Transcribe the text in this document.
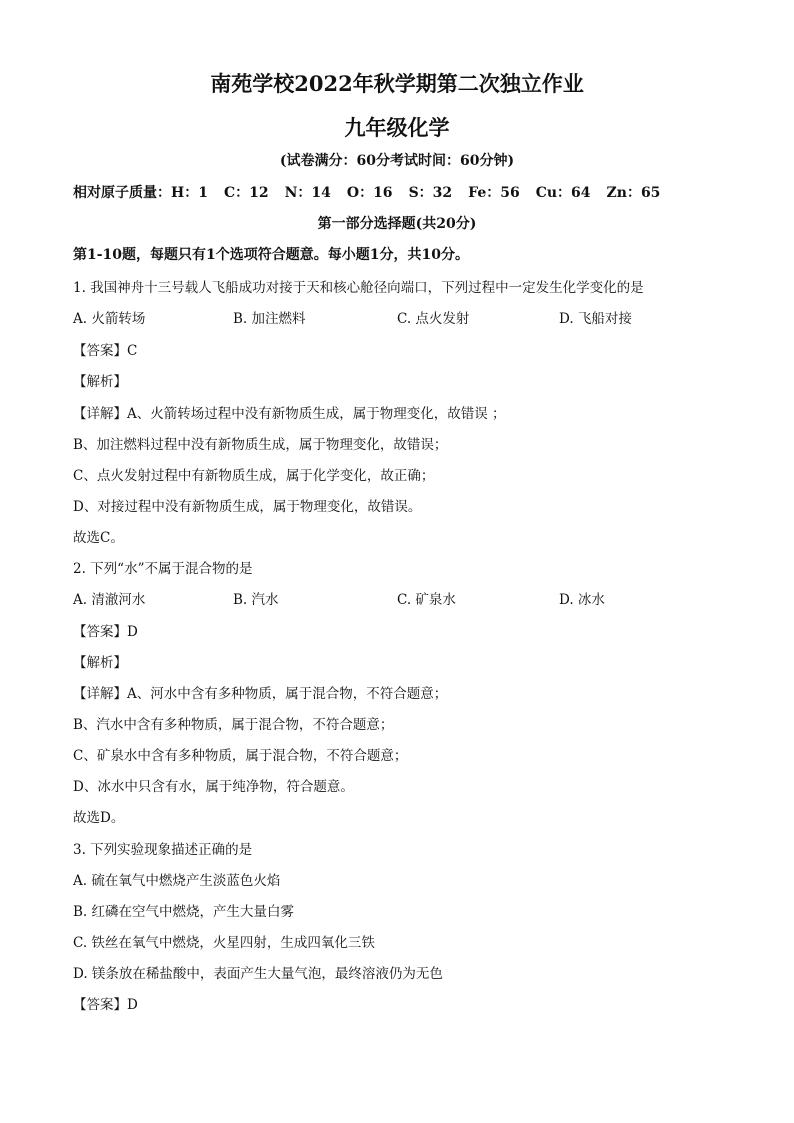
南苑学校2022年秋学期第二次独立作业
九年级化学
(试卷满分：60分考试时间：60分钟)
相对原子质量：H：1 C：12 N：14 O：16 S：32 Fe：56 Cu：64 Zn：65
第一部分选择题(共20分)
第1-10题，每题只有1个选项符合题意。每小题1分，共10分。
1. 我国神舟十三号载人飞船成功对接于天和核心舱径向端口，下列过程中一定发生化学变化的是
A. 火箭转场	B. 加注燃料	C. 点火发射	D. 飞船对接
【答案】C
【解析】
【详解】A、火箭转场过程中没有新物质生成，属于物理变化，故错误 ；
B、加注燃料过程中没有新物质生成，属于物理变化，故错误；
C、点火发射过程中有新物质生成，属于化学变化，故正确；
D、对接过程中没有新物质生成，属于物理变化，故错误。
故选C。
2. 下列“水”不属于混合物的是
A. 清澈河水	B. 汽水	C. 矿泉水	D. 冰水
【答案】D
【解析】
【详解】A、河水中含有多种物质，属于混合物，不符合题意；
B、汽水中含有多种物质，属于混合物，不符合题意；
C、矿泉水中含有多种物质，属于混合物，不符合题意；
D、冰水中只含有水，属于纯净物，符合题意。
故选D。
3. 下列实验现象描述正确的是
A. 硫在氧气中燃烧产生淡蓝色火焰
B. 红磷在空气中燃烧，产生大量白雾
C. 铁丝在氧气中燃烧，火星四射，生成四氧化三铁
D. 镁条放在稀盐酸中，表面产生大量气泡，最终溶液仍为无色
【答案】D
